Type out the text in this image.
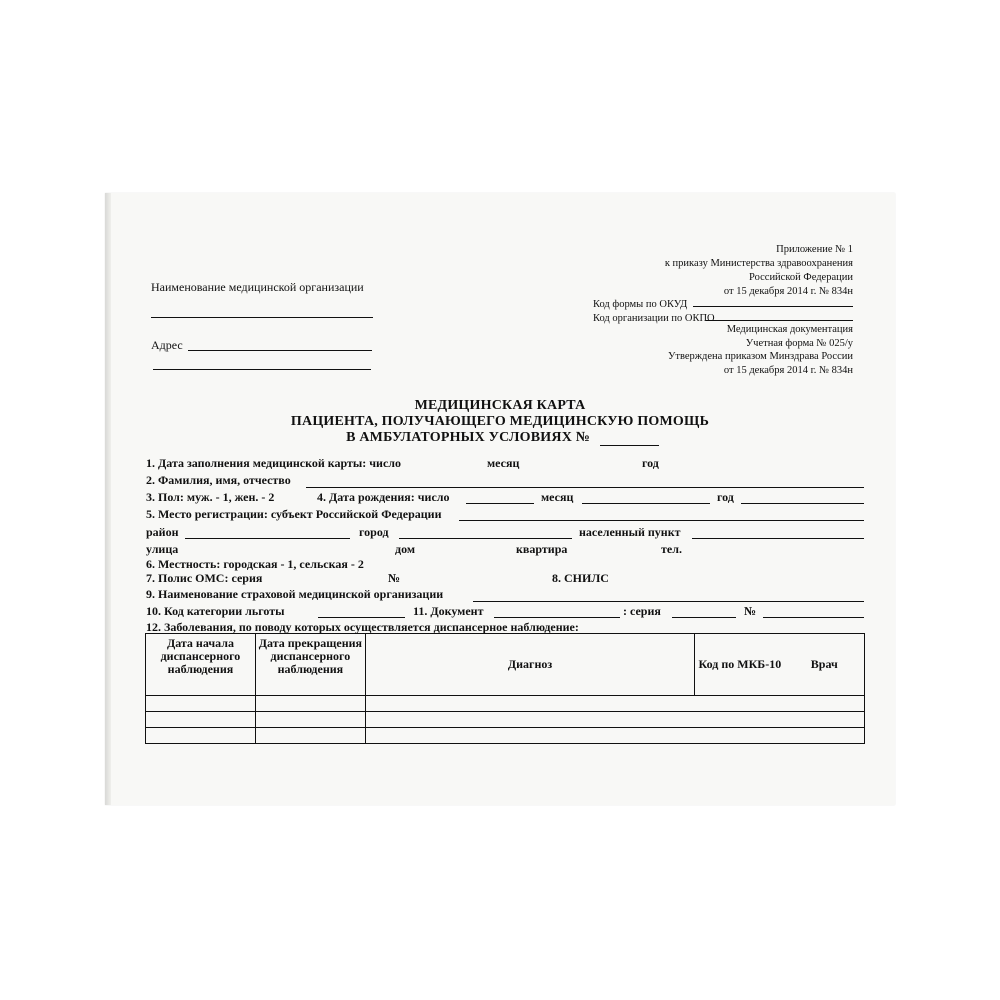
Приложение № 1
к приказу Министерства здравоохранения
Российской Федерации
от 15 декабря 2014 г. № 834н
Код формы по ОКУД
Код организации по ОКПО
Медицинская документация
Учетная форма № 025/у
Утверждена приказом Минздрава России
от 15 декабря 2014 г. № 834н
Наименование медицинской организации
Адрес
МЕДИЦИНСКАЯ КАРТА
ПАЦИЕНТА, ПОЛУЧАЮЩЕГО МЕДИЦИНСКУЮ ПОМОЩЬ
В АМБУЛАТОРНЫХ УСЛОВИЯХ №
1. Дата заполнения медицинской карты: число	месяц	год
2. Фамилия, имя, отчество
3. Пол: муж. - 1, жен. - 2	4. Дата рождения: число	месяц	год
5. Место регистрации: субъект Российской Федерации
район	город	населенный пункт
улица	дом	квартира	тел.
6. Местность: городская - 1, сельская - 2
7. Полис ОМС: серия	№	8. СНИЛС
9. Наименование страховой медицинской организации
10. Код категории льготы	11. Документ	: серия	№
12. Заболевания, по поводу которых осуществляется диспансерное наблюдение:
Дата начала диспансерного наблюдения	Дата прекращения диспансерного наблюдения	Диагноз	Код по МКБ-10	Врач
